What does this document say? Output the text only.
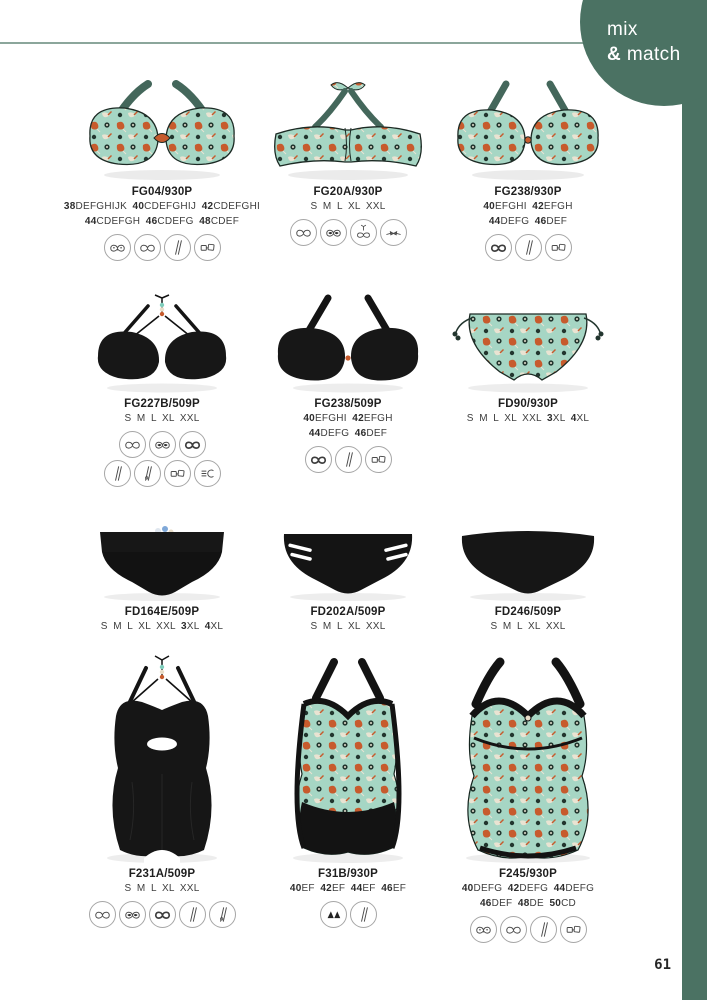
mix
& match
FG04/930P
38DEFGHIJK 40CDEFGHIJ 42CDEFGHI
44CDEFGH 46CDEFG 48CDEF
FG20A/930P
S M L XL XXL
FG238/930P
40EFGHI 42EFGH
44DEFG 46DEF
FG227B/509P
S M L XL XXL
FG238/509P
40EFGHI 42EFGH
44DEFG 46DEF
FD90/930P
S M L XL XXL 3XL 4XL
FD164E/509P
S M L XL XXL 3XL 4XL
FD202A/509P
S M L XL XXL
FD246/509P
S M L XL XXL
F231A/509P
S M L XL XXL
F31B/930P
40EF 42EF 44EF 46EF
F245/930P
40DEFG 42DEFG 44DEFG
46DEF 48DE 50CD
61
